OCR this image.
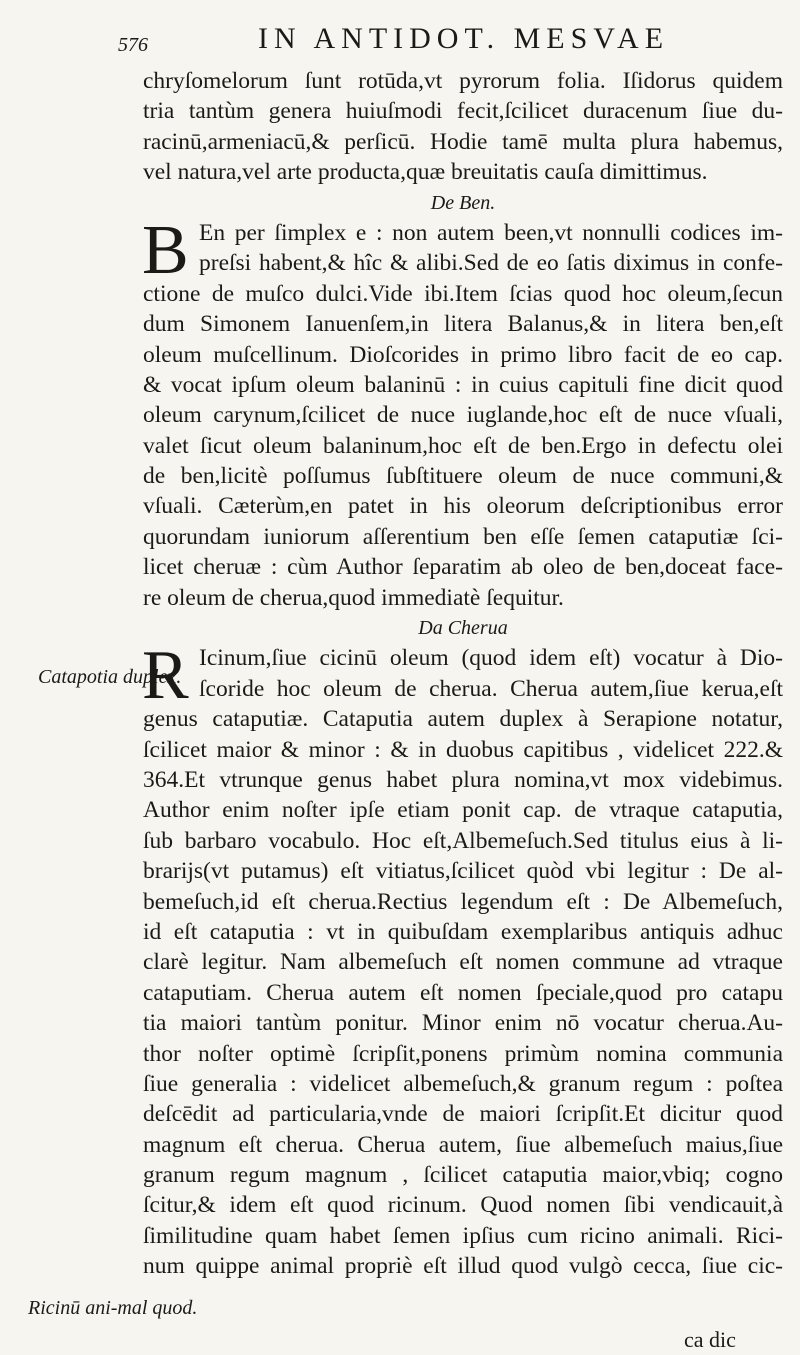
576	IN ANTIDOT. MESVAE
chryſomelorum ſunt rotūda,vt pyrorum folia. Iſidorus quidem
tria tantùm genera huiuſmodi fecit,ſcilicet duracenum ſiue du-
racinū,armeniacū,& perſicū. Hodie tamē multa plura habemus,
vel natura,vel arte producta,quæ breuitatis cauſa dimittimus.
De Ben.
B En per ſimplex e : non autem been,vt nonnulli codices im-
preſsi habent,& hîc & alibi.Sed de eo ſatis diximus in confe-
ctione de muſco dulci.Vide ibi.Item ſcias quod hoc oleum,ſecun
dum Simonem Ianuenſem,in litera Balanus,& in litera ben,eſt
oleum muſcellinum. Dioſcorides in primo libro facit de eo cap.
& vocat ipſum oleum balaninū : in cuius capituli fine dicit quod
oleum carynum,ſcilicet de nuce iuglande,hoc eſt de nuce vſuali,
valet ſicut oleum balaninum,hoc eſt de ben.Ergo in defectu olei
de ben,licitè poſſumus ſubſtituere oleum de nuce communi,&
vſuali. Cæterùm,en patet in his oleorum deſcriptionibus error
quorundam iuniorum aſſerentium ben eſſe ſemen cataputiæ ſci-
licet cheruæ : cùm Author ſeparatim ab oleo de ben,doceat face-
re oleum de cherua,quod immediatè ſequitur.
Da Cherua
R Icinum,ſiue cicinū oleum (quod idem eſt) vocatur à Dio-
ſcoride hoc oleum de cherua. Cherua autem,ſiue kerua,eſt
genus cataputiæ. Cataputia autem duplex à Serapione notatur,
ſcilicet maior & minor : & in duobus capitibus , videlicet 222.&
364.Et vtrunque genus habet plura nomina,vt mox videbimus.
Author enim noſter ipſe etiam ponit cap. de vtraque cataputia,
ſub barbaro vocabulo. Hoc eſt,Albemeſuch.Sed titulus eius à li-
brarijs(vt putamus) eſt vitiatus,ſcilicet quòd vbi legitur : De al-
bemeſuch,id eſt cherua.Rectius legendum eſt : De Albemeſuch,
id eſt cataputia : vt in quibuſdam exemplaribus antiquis adhuc
clarè legitur. Nam albemeſuch eſt nomen commune ad vtraque
cataputiam. Cherua autem eſt nomen ſpeciale,quod pro catapu
tia maiori tantùm ponitur. Minor enim nō vocatur cherua.Au-
thor noſter optimè ſcripſit,ponens primùm nomina communia
ſiue generalia : videlicet albemeſuch,& granum regum : poſtea
deſcēdit ad particularia,vnde de maiori ſcripſit.Et dicitur quod
magnum eſt cherua. Cherua autem, ſiue albemeſuch maius,ſiue
granum regum magnum , ſcilicet cataputia maior,vbiq; cogno
ſcitur,& idem eſt quod ricinum. Quod nomen ſibi vendicauit,à
ſimilitudine quam habet ſemen ipſius cum ricino animali. Rici-
num quippe animal propriè eſt illud quod vulgò cecca, ſiue cic-
Catapotia duplex.
Ricinū ani-mal quod.
ca dic
